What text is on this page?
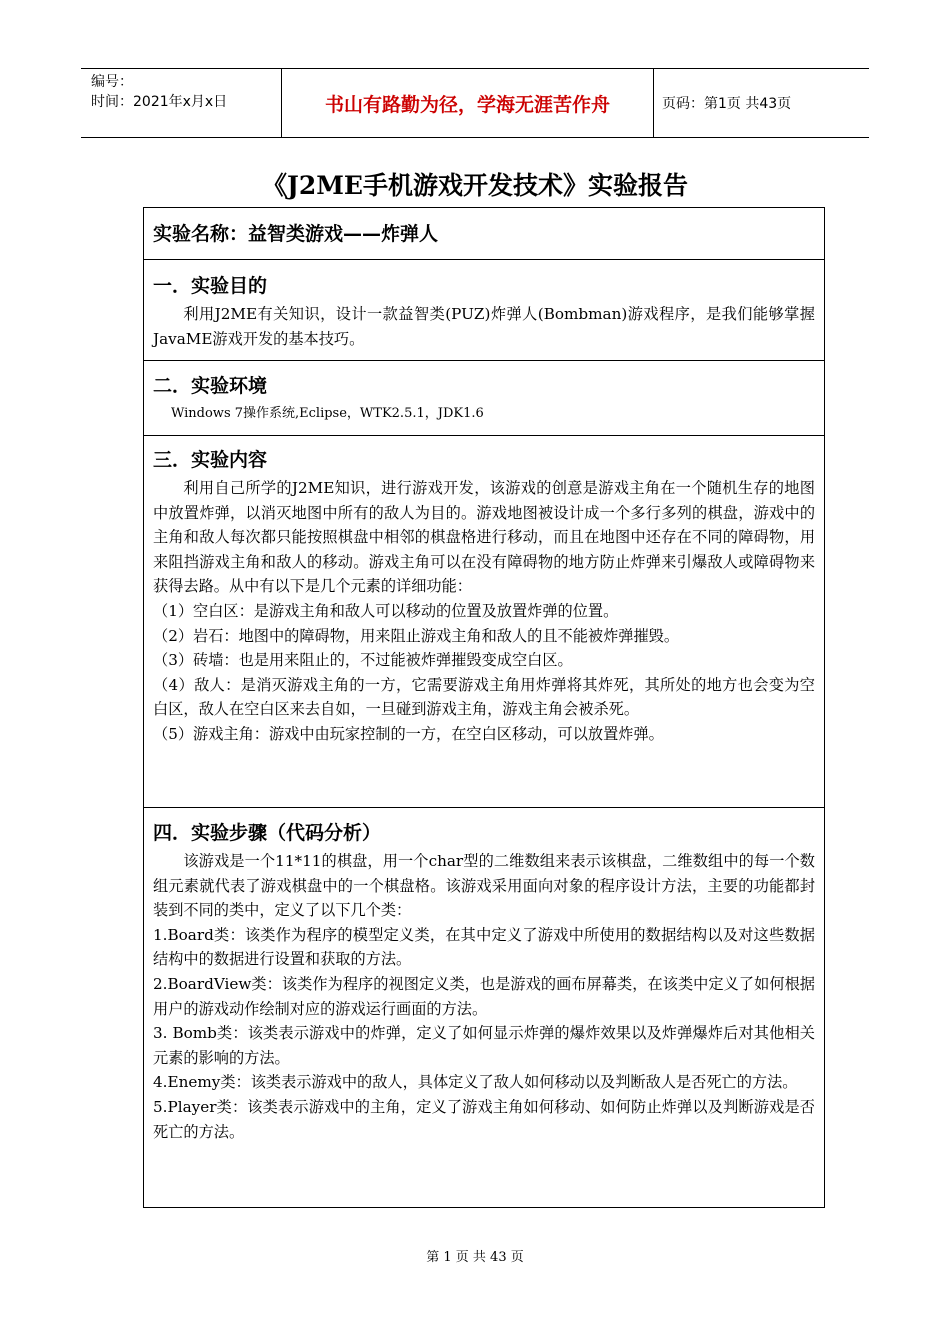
编号：
时间：2021年x月x日	书山有路勤为径，学海无涯苦作舟	页码：第1页 共43页
《J2ME手机游戏开发技术》实验报告
实验名称：益智类游戏——炸弹人
一．实验目的

利用J2ME有关知识，设计一款益智类(PUZ)炸弹人(Bombman)游戏程序，是我们能够掌握JavaME游戏开发的基本技巧。

二．实验环境
Windows 7操作系统,Eclipse，WTK2.5.1，JDK1.6
三．实验内容

利用自己所学的J2ME知识，进行游戏开发，该游戏的创意是游戏主角在一个随机生存的地图中放置炸弹，以消灭地图中所有的敌人为目的。游戏地图被设计成一个多行多列的棋盘，游戏中的主角和敌人每次都只能按照棋盘中相邻的棋盘格进行移动，而且在地图中还存在不同的障碍物，用来阻挡游戏主角和敌人的移动。游戏主角可以在没有障碍物的地方防止炸弹来引爆敌人或障碍物来获得去路。从中有以下是几个元素的详细功能：

（1）空白区：是游戏主角和敌人可以移动的位置及放置炸弹的位置。

（2）岩石：地图中的障碍物，用来阻止游戏主角和敌人的且不能被炸弹摧毁。

（3）砖墙：也是用来阻止的，不过能被炸弹摧毁变成空白区。

（4）敌人：是消灭游戏主角的一方，它需要游戏主角用炸弹将其炸死，其所处的地方也会变为空白区，敌人在空白区来去自如，一旦碰到游戏主角，游戏主角会被杀死。

（5）游戏主角：游戏中由玩家控制的一方，在空白区移动，可以放置炸弹。

四．实验步骤（代码分析）

该游戏是一个11*11的棋盘，用一个char型的二维数组来表示该棋盘，二维数组中的每一个数组元素就代表了游戏棋盘中的一个棋盘格。该游戏采用面向对象的程序设计方法，主要的功能都封装到不同的类中，定义了以下几个类：

1.Board类：该类作为程序的模型定义类，在其中定义了游戏中所使用的数据结构以及对这些数据结构中的数据进行设置和获取的方法。

2.BoardView类：该类作为程序的视图定义类，也是游戏的画布屏幕类，在该类中定义了如何根据用户的游戏动作绘制对应的游戏运行画面的方法。

3. Bomb类：该类表示游戏中的炸弹，定义了如何显示炸弹的爆炸效果以及炸弹爆炸后对其他相关元素的影响的方法。

4.Enemy类：该类表示游戏中的敌人，具体定义了敌人如何移动以及判断敌人是否死亡的方法。

5.Player类：该类表示游戏中的主角，定义了游戏主角如何移动、如何防止炸弹以及判断游戏是否死亡的方法。

第 1 页 共 43 页
